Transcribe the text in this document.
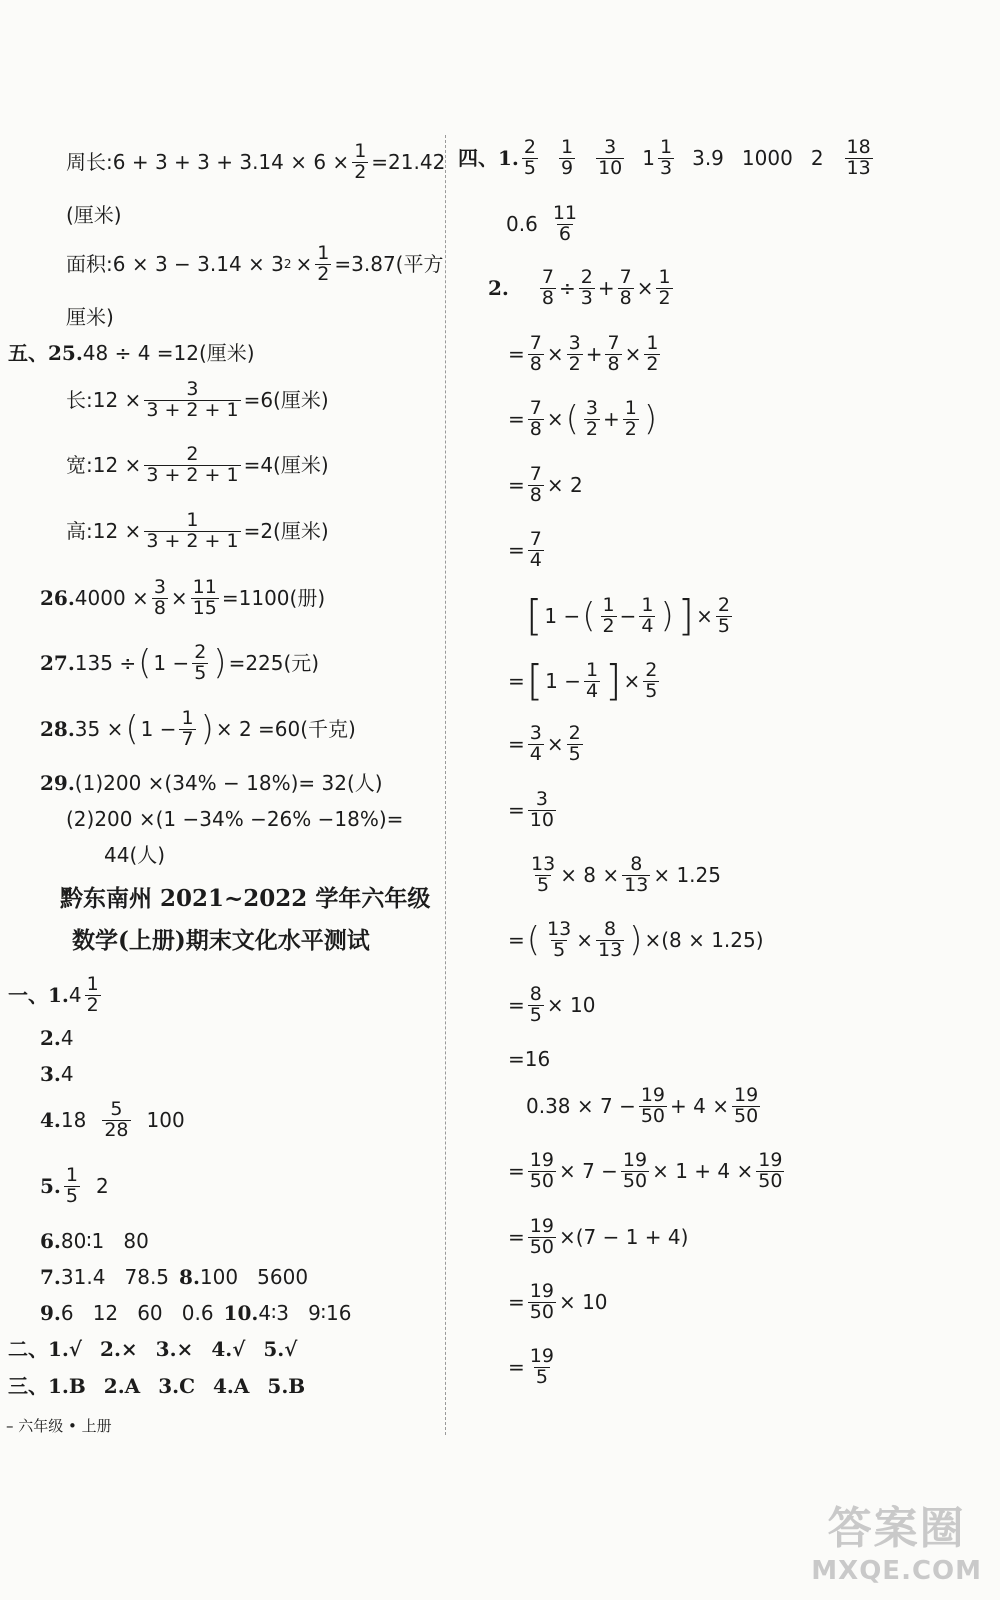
周长: $6 + 3 + 3 + 3.14 \times 6 \times \frac{1}{2} =21.42$
(厘米)
面积: 6 × 3 − 3.14 × 3 $2 \times \frac{1}{2} =3.87$(平方
厘米)
五、 25. 48 ÷ 4 =12(厘米)
长:12 × $\frac{3}{3 + 2 + 1} =6$(厘米)
宽:12 × $\frac{2}{3 + 2 + 1} =4$(厘米)
高:12 × $\frac{1}{3 + 2 + 1} =2$(厘米)
26. $4000 \times \frac{3}{8} \times \frac{11}{15} =1100$(册)
27. 135 ÷ ( $1 - \frac{2}{5}$ ) =225(元)
28. 35 × ( $1 - \frac{1}{7}$ ) × 2 =60(千克)
29. (1)200 ×(34% − 18%)= 32(人)
(2)200 ×(1 −34% −26% −18%)=
44(人)
黔东南州 2021~2022 学年六年级
数学(上册)期末文化水平测试
一、 1. $4 \frac{1}{2}$
2. 4
3. 4
4. $18 \frac{5}{28} 100$
5. $\frac{1}{5} 2$
6. 80∶1   80
7. 31.4   78.5 8. 100   5600
9. 6   12   60   0.6 10. 4∶3   9∶16
二、 1.√ 2.× 3.× 4.√ 5.√
三、 1.B 2.A 3.C 4.A 5.B
– 六年级 • 上册
四、 1. $\frac{2}{5} \frac{1}{9} \frac{3}{10} 1 \frac{1}{3} 3.9$ 1000 $2 \frac{18}{13}$
$0.6 \frac{11}{6}$
2. $\frac{7}{8} \div \frac{2}{3} + \frac{7}{8} \times \frac{1}{2}$
= $\frac{7}{8} \times \frac{3}{2} + \frac{7}{8} \times \frac{1}{2}$
= $\frac{7}{8}$ × ( $\frac{3}{2} + \frac{1}{2}$ )
= $\frac{7}{8} \times 2$
= $\frac{7}{4}$
[ 1 − ( $\frac{1}{2} - \frac{1}{4}$ ) ] × $\frac{2}{5}$
= [ $1 - \frac{1}{4}$ ] × $\frac{2}{5}$
= $\frac{3}{4} \times \frac{2}{5}$
= $\frac{3}{10}$
$\frac{13}{5} \times 8 \times \frac{8}{13} \times 1.25$
= ( $\frac{13}{5} \times \frac{8}{13}$ ) ×(8 × 1.25)
= $\frac{8}{5} \times 10$
=16
$0.38 \times 7 - \frac{19}{50} + 4 \times \frac{19}{50}$
= $\frac{19}{50} \times 7 - \frac{19}{50} \times 1 + 4 \times \frac{19}{50}$
= $\frac{19}{50} \times(7 - 1 + 4)$
= $\frac{19}{50} \times 10$
= $\frac{19}{5}$
答案圈
MXQE.COM
